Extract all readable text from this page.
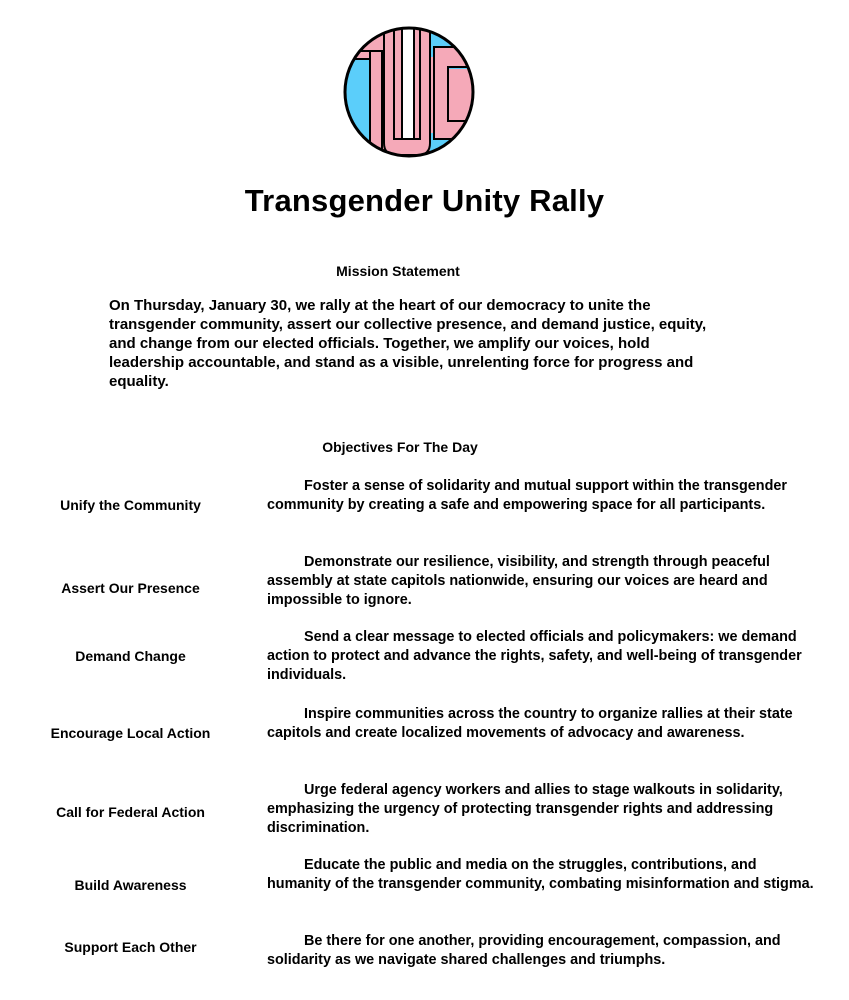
Transgender Unity Rally
Mission Statement

On Thursday, January 30, we rally at the heart of our democracy to unite the transgender community, assert our collective presence, and demand justice, equity, and change from our elected officials. Together, we amplify our voices, hold leadership accountable, and stand as a visible, unrelenting force for progress and equality.

Objectives For The Day
Unify the Community

Foster a sense of solidarity and mutual support within the transgender community by creating a safe and empowering space for all participants.

Assert Our Presence

Demonstrate our resilience, visibility, and strength through peaceful assembly at state capitols nationwide, ensuring our voices are heard and impossible to ignore.

Demand Change

Send a clear message to elected officials and policymakers: we demand action to protect and advance the rights, safety, and well-being of transgender individuals.

Encourage Local Action

Inspire communities across the country to organize rallies at their state capitols and create localized movements of advocacy and awareness.

Call for Federal Action

Urge federal agency workers and allies to stage walkouts in solidarity, emphasizing the urgency of protecting transgender rights and addressing discrimination.

Build Awareness

Educate the public and media on the struggles, contributions, and humanity of the transgender community, combating misinformation and stigma.

Support Each Other	Be there for one another, providing encouragement, compassion, and solidarity as we navigate shared challenges and triumphs.
